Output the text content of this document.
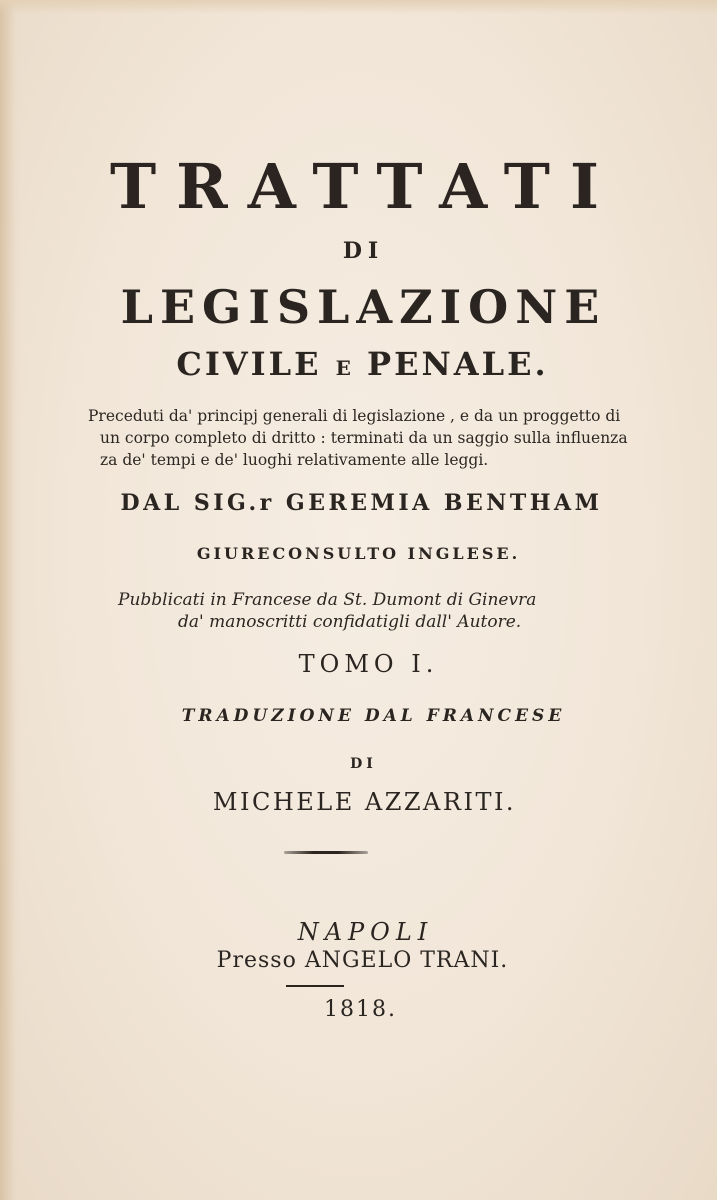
TRATTATI
DI
LEGISLAZIONE
CIVILE E PENALE.
Preceduti da' principj generali di legislazione , e da un proggetto di
un corpo completo di dritto : terminati da un saggio sulla influenza
za de' tempi e de' luoghi relativamente alle leggi.
DAL SIG.r GEREMIA BENTHAM
GIURECONSULTO INGLESE.
Pubblicati in Francese da St. Dumont di Ginevra
da' manoscritti confidatigli dall' Autore.
TOMO I.
TRADUZIONE DAL FRANCESE
DI
MICHELE AZZARITI.
NAPOLI
Presso ANGELO TRANI.
1818.
